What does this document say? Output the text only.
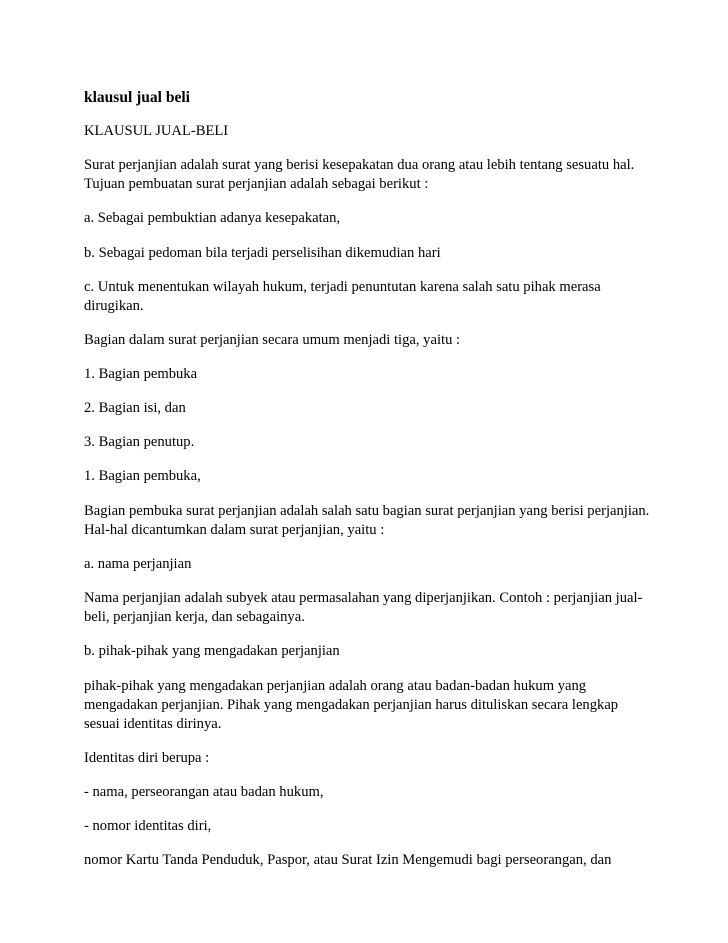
klausul jual beli
KLAUSUL JUAL-BELI
Surat perjanjian adalah surat yang berisi kesepakatan dua orang atau lebih tentang sesuatu hal.
Tujuan pembuatan surat perjanjian adalah sebagai berikut :
a. Sebagai pembuktian adanya kesepakatan,
b. Sebagai pedoman bila terjadi perselisihan dikemudian hari
c. Untuk menentukan wilayah hukum, terjadi penuntutan karena salah satu pihak merasa
dirugikan.
Bagian dalam surat perjanjian secara umum menjadi tiga, yaitu :
1. Bagian pembuka
2. Bagian isi, dan
3. Bagian penutup.
1. Bagian pembuka,
Bagian pembuka surat perjanjian adalah salah satu bagian surat perjanjian yang berisi perjanjian.
Hal-hal dicantumkan dalam surat perjanjian, yaitu :
a. nama perjanjian
Nama perjanjian adalah subyek atau permasalahan yang diperjanjikan. Contoh : perjanjian jual-
beli, perjanjian kerja, dan sebagainya.
b. pihak-pihak yang mengadakan perjanjian
pihak-pihak yang mengadakan perjanjian adalah orang atau badan-badan hukum yang
mengadakan perjanjian. Pihak yang mengadakan perjanjian harus dituliskan secara lengkap
sesuai identitas dirinya.
Identitas diri berupa :
- nama, perseorangan atau badan hukum,
- nomor identitas diri,
nomor Kartu Tanda Penduduk, Paspor, atau Surat Izin Mengemudi bagi perseorangan, dan
